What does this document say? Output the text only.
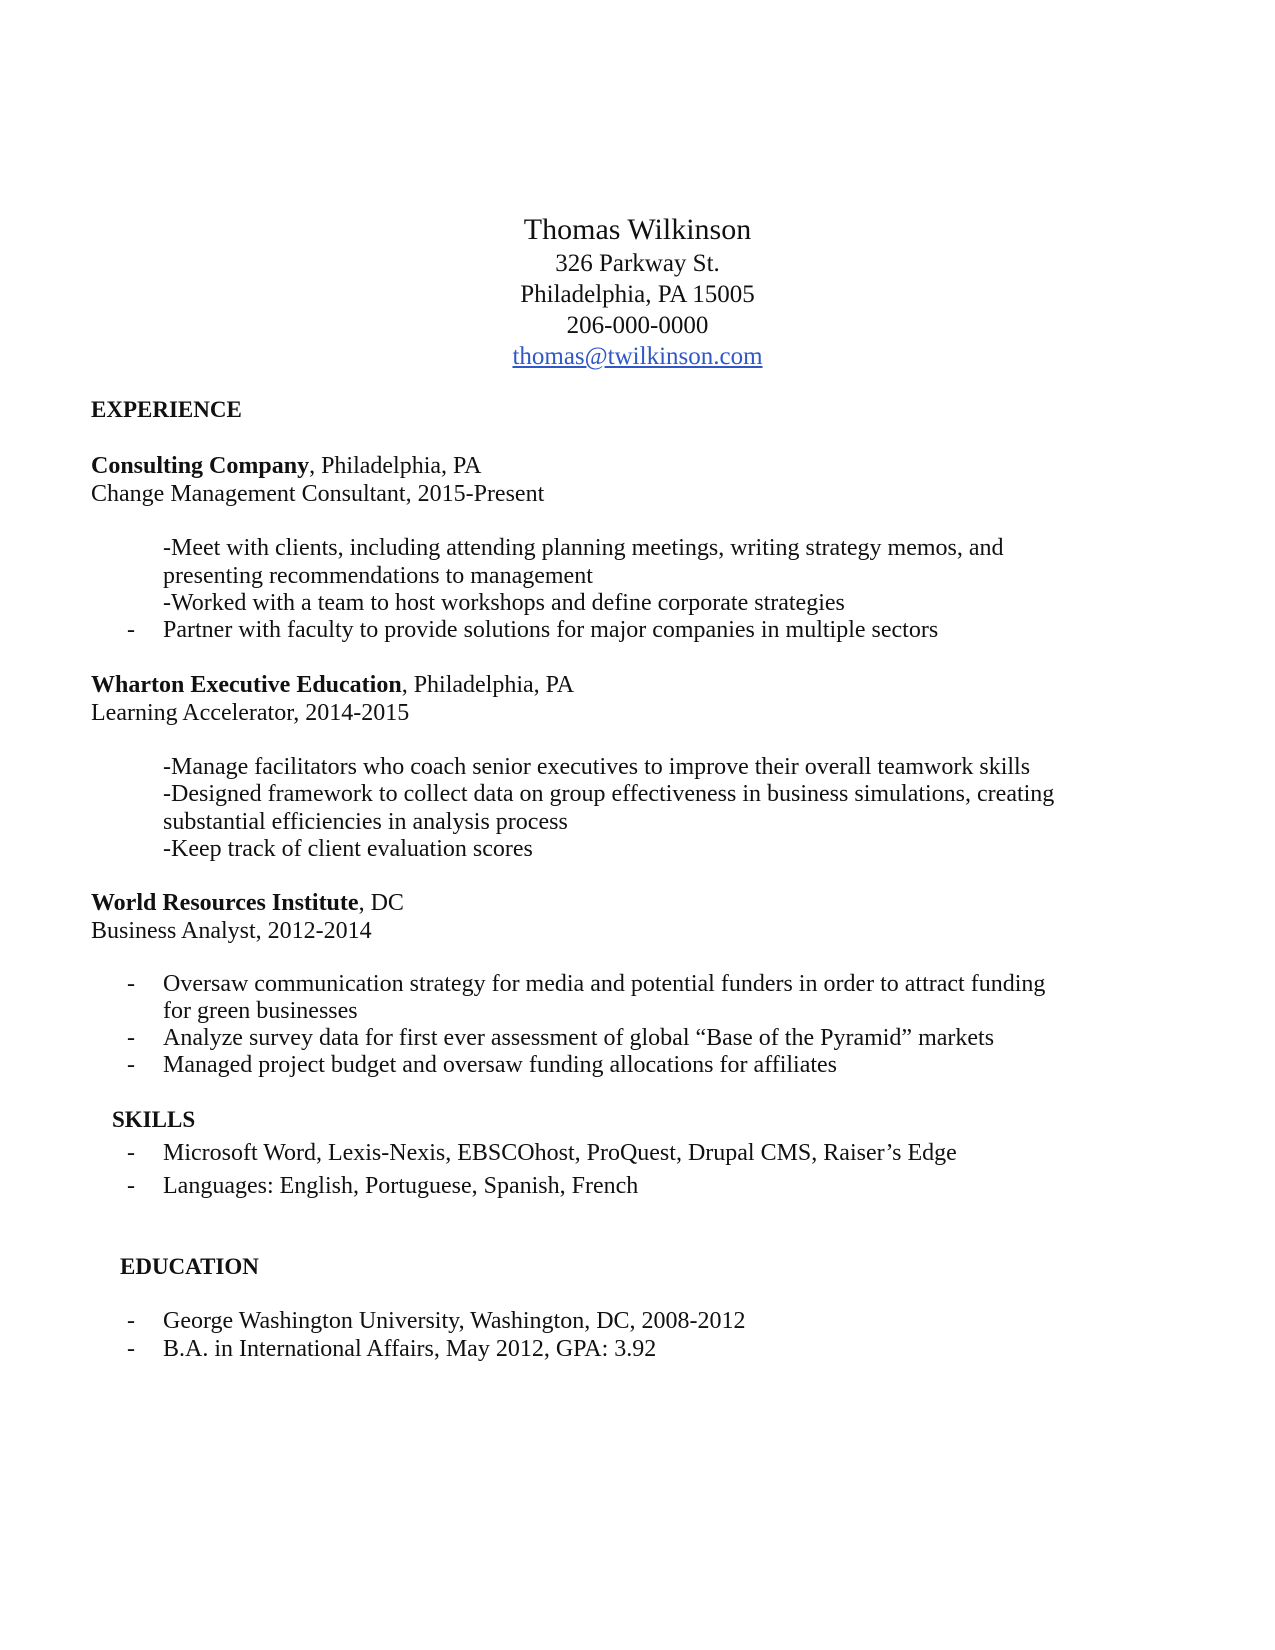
Thomas Wilkinson
326 Parkway St.
Philadelphia, PA 15005
206-000-0000
thomas@twilkinson.com
EXPERIENCE
Consulting Company, Philadelphia, PA
Change Management Consultant, 2015-Present
-Meet with clients, including attending planning meetings, writing strategy memos, and
presenting recommendations to management
-Worked with a team to host workshops and define corporate strategies
- Partner with faculty to provide solutions for major companies in multiple sectors
Wharton Executive Education, Philadelphia, PA
Learning Accelerator, 2014-2015
-Manage facilitators who coach senior executives to improve their overall teamwork skills
-Designed framework to collect data on group effectiveness in business simulations, creating
substantial efficiencies in analysis process
-Keep track of client evaluation scores
World Resources Institute, DC
Business Analyst, 2012-2014
- Oversaw communication strategy for media and potential funders in order to attract funding
for green businesses
- Analyze survey data for first ever assessment of global “Base of the Pyramid” markets
- Managed project budget and oversaw funding allocations for affiliates
SKILLS
- Microsoft Word, Lexis-Nexis, EBSCOhost, ProQuest, Drupal CMS, Raiser’s Edge
- Languages: English, Portuguese, Spanish, French
EDUCATION
- George Washington University, Washington, DC, 2008-2012
- B.A. in International Affairs, May 2012, GPA: 3.92
